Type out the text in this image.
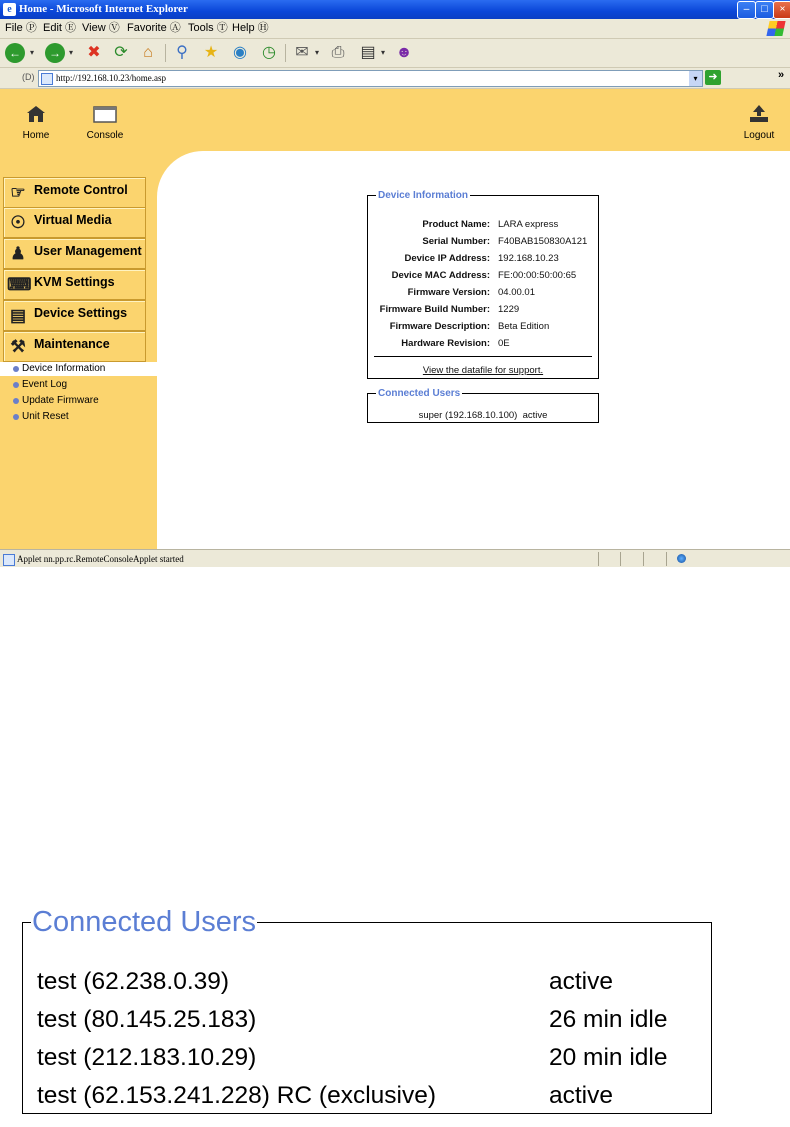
e Home - Microsoft Internet Explorer	–	□	×
File Ⓟ Edit Ⓔ View Ⓥ Favorite Ⓐ Tools Ⓣ Help Ⓗ
←	▾	→	▾ ✖ ⟳ ⌂	⚲ ★ ◉ ◷ ✉ ▾ ⎙ ▤ ▾ ☻
(D) http://192.168.10.23/home.asp	▾ ➜	»
Home	Console	Logout
☞ Remote Control
☉ Virtual Media
♟ User Management
⌨ KVM Settings
▤ Device Settings
⚒ Maintenance
Device Information
Event Log
Update Firmware
Unit Reset
Device Information
Product Name: LARA express
Serial Number: F40BAB150830A121
Device IP Address: 192.168.10.23
Device MAC Address: FE:00:00:50:00:65
Firmware Version: 04.00.01
Firmware Build Number: 1229
Firmware Description: Beta Edition
Hardware Revision: 0E
View the datafile for support.
Connected Users
super (192.168.10.100)  active
Applet nn.pp.rc.RemoteConsoleApplet started
Connected Users
test (62.238.0.39)	active
test (80.145.25.183)	26 min idle
test (212.183.10.29)	20 min idle
test (62.153.241.228) RC (exclusive)	active
